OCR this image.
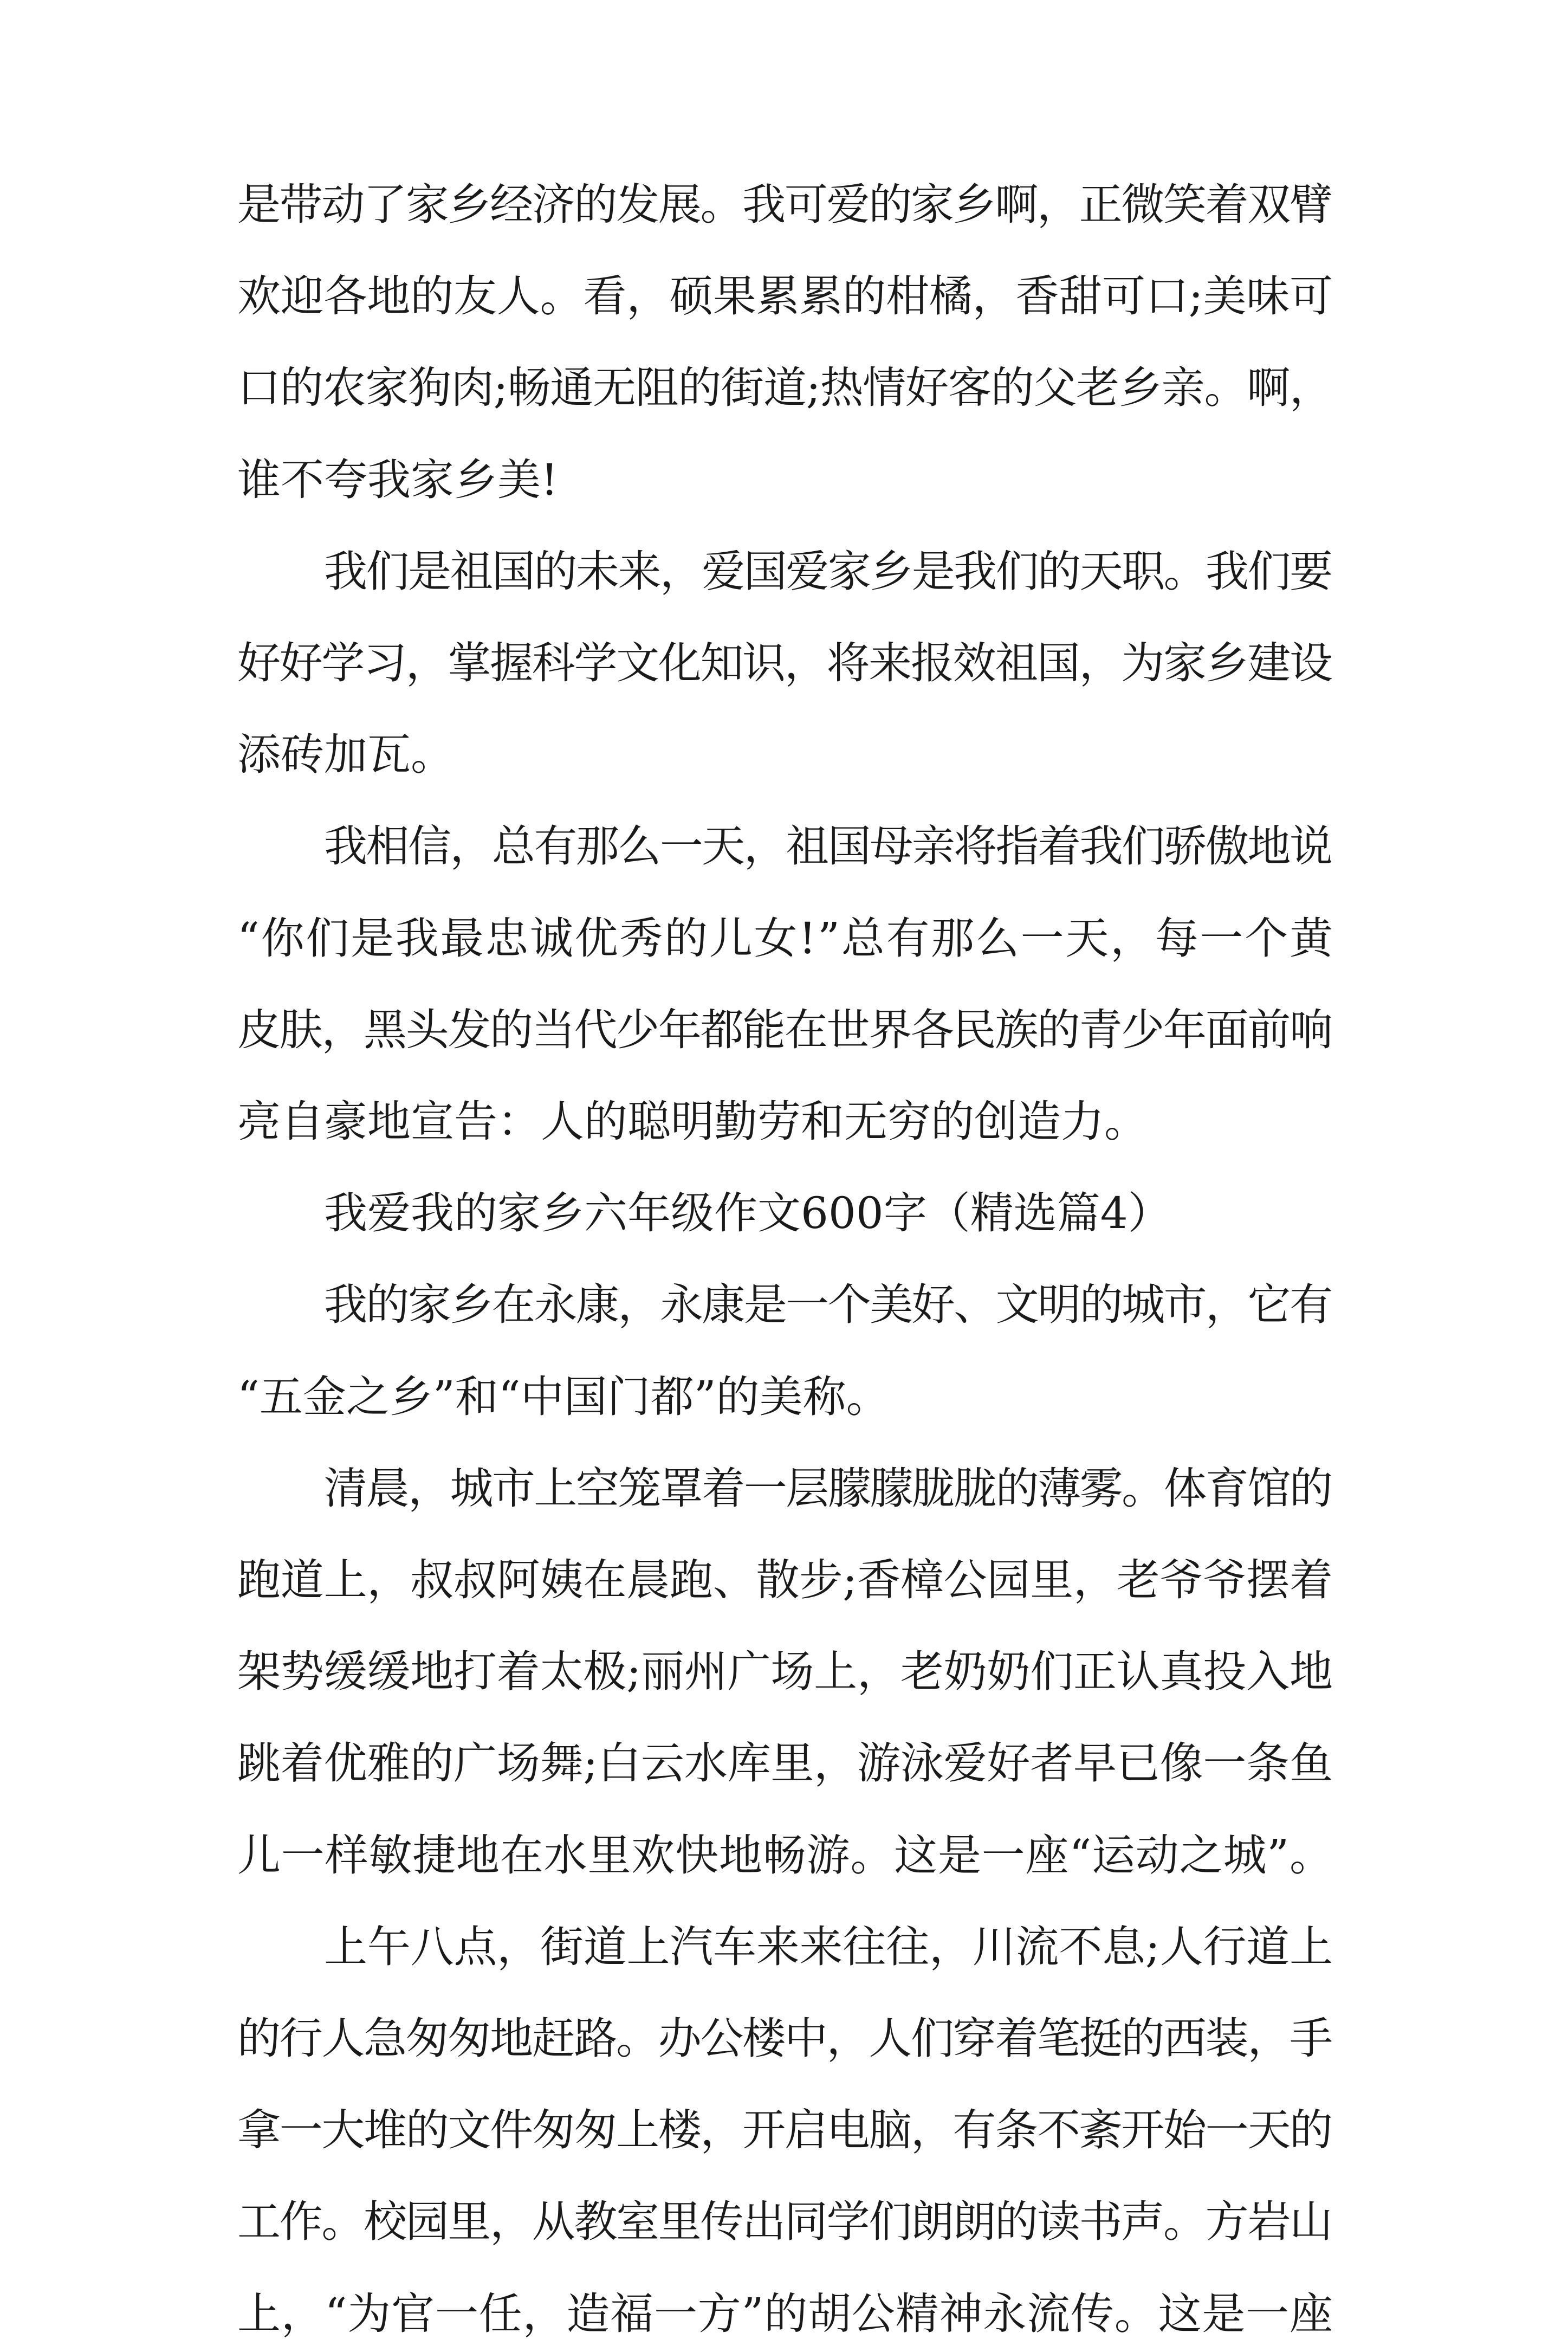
是带动了家乡经济的发展。我可爱的家乡啊，正微笑着双臂
欢迎各地的友人。看，硕果累累的柑橘，香甜可口;美味可
口的农家狗肉;畅通无阻的街道;热情好客的父老乡亲。啊，
谁不夸我家乡美!
我们是祖国的未来，爱国爱家乡是我们的天职。我们要
好好学习，掌握科学文化知识，将来报效祖国，为家乡建设
添砖加瓦。
我相信，总有那么一天，祖国母亲将指着我们骄傲地说
“你们是我最忠诚优秀的儿女!”总有那么一天，每一个黄
皮肤，黑头发的当代少年都能在世界各民族的青少年面前响
亮自豪地宣告：人的聪明勤劳和无穷的创造力。
我爱我的家乡六年级作文600字（精选篇4）
我的家乡在永康，永康是一个美好、文明的城市，它有
“五金之乡”和“中国门都”的美称。
清晨，城市上空笼罩着一层朦朦胧胧的薄雾。体育馆的
跑道上，叔叔阿姨在晨跑、散步;香樟公园里，老爷爷摆着
架势缓缓地打着太极;丽州广场上，老奶奶们正认真投入地
跳着优雅的广场舞;白云水库里，游泳爱好者早已像一条鱼
儿一样敏捷地在水里欢快地畅游。这是一座“运动之城”。
上午八点，街道上汽车来来往往，川流不息;人行道上
的行人急匆匆地赶路。办公楼中，人们穿着笔挺的西装，手
拿一大堆的文件匆匆上楼，开启电脑，有条不紊开始一天的
工作。校园里，从教室里传出同学们朗朗的读书声。方岩山
上，“为官一任，造福一方”的胡公精神永流传。这是一座
